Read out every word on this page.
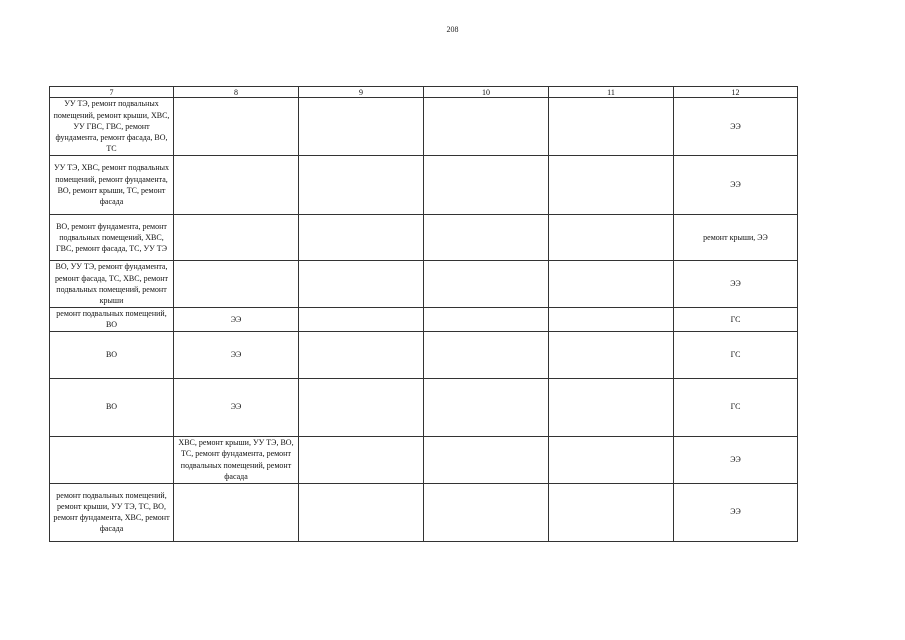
208
7	8	9	10	11	12
УУ ТЭ, ремонт подвальных помещений, ремонт крыши, ХВС, УУ ГВС, ГВС, ремонт фундамента, ремонт фасада, ВО, ТС					ЭЭ
УУ ТЭ, ХВС, ремонт подвальных помещений, ремонт фундамента, ВО, ремонт крыши, ТС, ремонт фасада					ЭЭ
ВО, ремонт фундамента, ремонт подвальных помещений, ХВС, ГВС, ремонт фасада, ТС, УУ ТЭ					ремонт крыши, ЭЭ
ВО, УУ ТЭ, ремонт фундамента, ремонт фасада, ТС, ХВС, ремонт подвальных помещений, ремонт крыши					ЭЭ
ремонт подвальных помещений, ВО	ЭЭ				ГС
ВО	ЭЭ				ГС
ВО	ЭЭ				ГС
	ХВС, ремонт крыши, УУ ТЭ, ВО, ТС, ремонт фундамента, ремонт подвальных помещений, ремонт фасада				ЭЭ
ремонт подвальных помещений, ремонт крыши, УУ ТЭ, ТС, ВО, ремонт фундамента, ХВС, ремонт фасада					ЭЭ
